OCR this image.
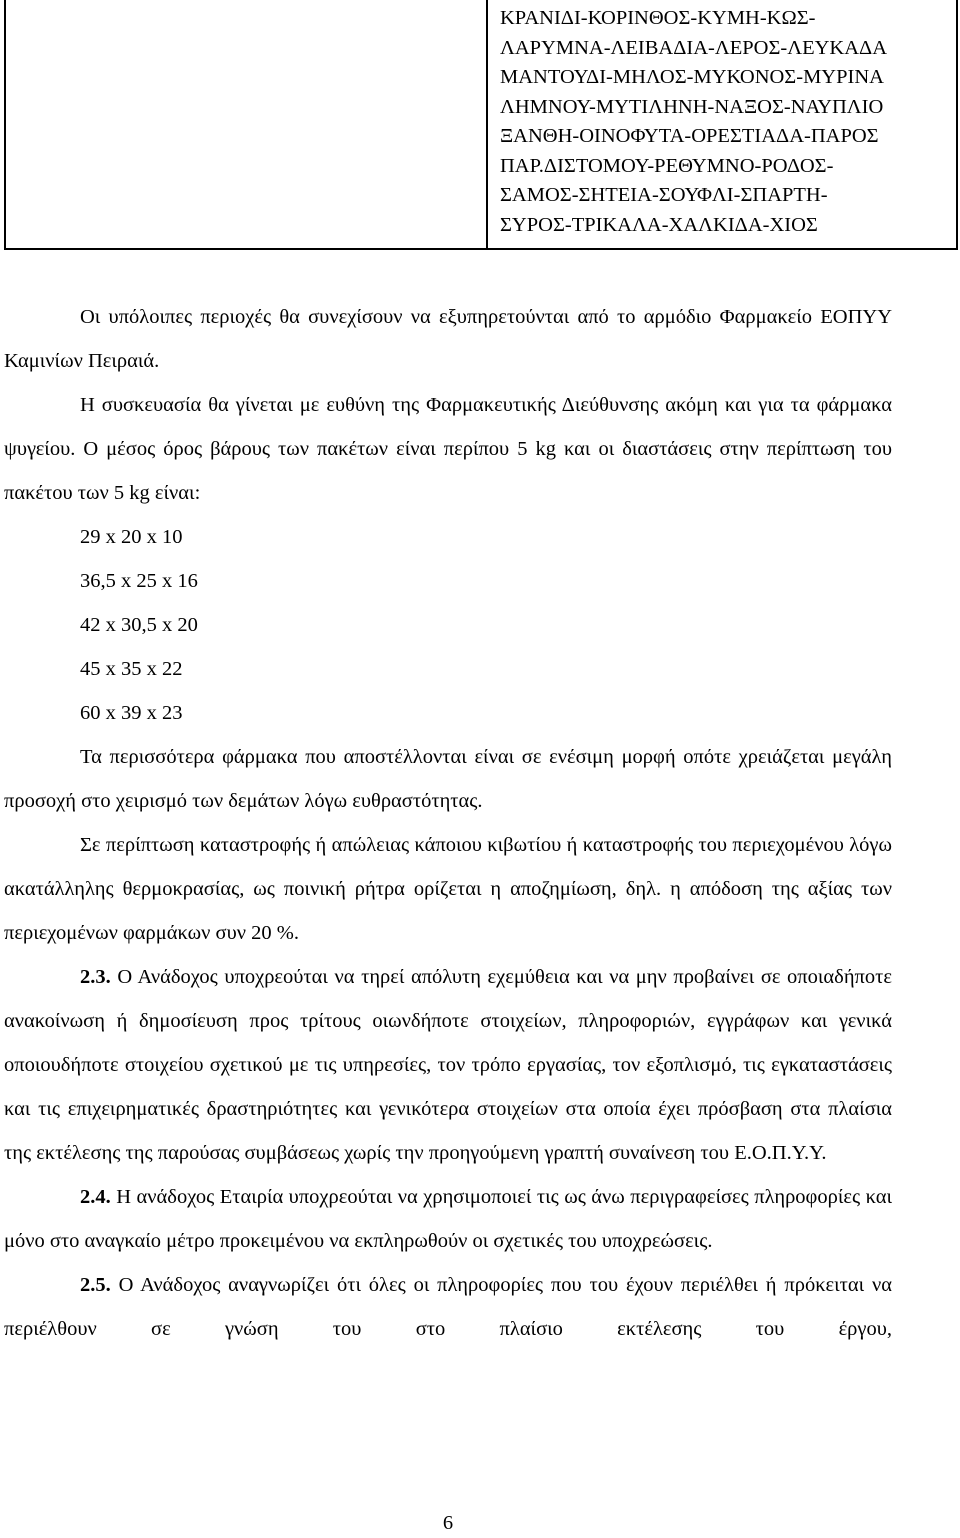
ΚΡΑΝΙΔΙ-ΚΟΡΙΝΘΟΣ-ΚΥΜΗ-ΚΩΣ-
ΛΑΡΥΜΝΑ-ΛΕΙΒΑΔΙΑ-ΛΕΡΟΣ-ΛΕΥΚΑΔΑ
ΜΑΝΤΟΥΔΙ-ΜΗΛΟΣ-ΜΥΚΟΝΟΣ-ΜΥΡΙΝΑ
ΛΗΜΝΟΥ-ΜΥΤΙΛΗΝΗ-ΝΑΞΟΣ-ΝΑΥΠΛΙΟ
ΞΑΝΘΗ-ΟΙΝΟΦΥΤΑ-ΟΡΕΣΤΙΑΔΑ-ΠΑΡΟΣ
ΠΑΡ.ΔΙΣΤΟΜΟΥ-ΡΕΘΥΜΝΟ-ΡΟΔΟΣ-
ΣΑΜΟΣ-ΣΗΤΕΙΑ-ΣΟΥΦΛΙ-ΣΠΑΡΤΗ-
ΣΥΡΟΣ-ΤΡΙΚΑΛΑ-ΧΑΛΚΙΔΑ-ΧΙΟΣ

Οι υπόλοιπες περιοχές θα συνεχίσουν να εξυπηρετούνται από το αρμόδιο Φαρμακείο ΕΟΠΥΥ Καμινίων Πειραιά.

Η συσκευασία θα γίνεται με ευθύνη της Φαρμακευτικής Διεύθυνσης ακόμη και για τα φάρμακα ψυγείου. Ο μέσος όρος βάρους των πακέτων είναι περίπου 5 kg και οι διαστάσεις στην περίπτωση του πακέτου των 5 kg είναι:

29 x 20 x 10

36,5 x 25 x 16

42 x 30,5 x 20

45 x 35 x 22

60 x 39 x 23

Τα περισσότερα φάρμακα που αποστέλλονται είναι σε ενέσιμη μορφή οπότε χρειάζεται μεγάλη προσοχή στο χειρισμό των δεμάτων λόγω ευθραστότητας.

Σε περίπτωση καταστροφής ή απώλειας κάποιου κιβωτίου ή καταστροφής του περιεχομένου λόγω ακατάλληλης θερμοκρασίας, ως ποινική ρήτρα ορίζεται η αποζημίωση, δηλ. η απόδοση της αξίας των περιεχομένων φαρμάκων συν 20 %.

2.3. Ο Ανάδοχος υποχρεούται να τηρεί απόλυτη εχεμύθεια και να μην προβαίνει σε οποιαδήποτε ανακοίνωση ή δημοσίευση προς τρίτους οιωνδήποτε στοιχείων, πληροφοριών, εγγράφων και γενικά οποιουδήποτε στοιχείου σχετικού με τις υπηρεσίες, τον τρόπο εργασίας, τον εξοπλισμό, τις εγκαταστάσεις και τις επιχειρηματικές δραστηριότητες και γενικότερα στοιχείων στα οποία έχει πρόσβαση στα πλαίσια της εκτέλεσης της παρούσας συμβάσεως χωρίς την προηγούμενη γραπτή συναίνεση του Ε.Ο.Π.Υ.Υ.

2.4. Η ανάδοχος Εταιρία υποχρεούται να χρησιμοποιεί τις ως άνω περιγραφείσες πληροφορίες και μόνο στο αναγκαίο μέτρο προκειμένου να εκπληρωθούν οι σχετικές του υποχρεώσεις.

2.5. Ο Ανάδοχος αναγνωρίζει ότι όλες οι πληροφορίες που του έχουν περιέλθει ή πρόκειται να περιέλθουν σε γνώση του στο πλαίσιο εκτέλεσης του έργου,

6
